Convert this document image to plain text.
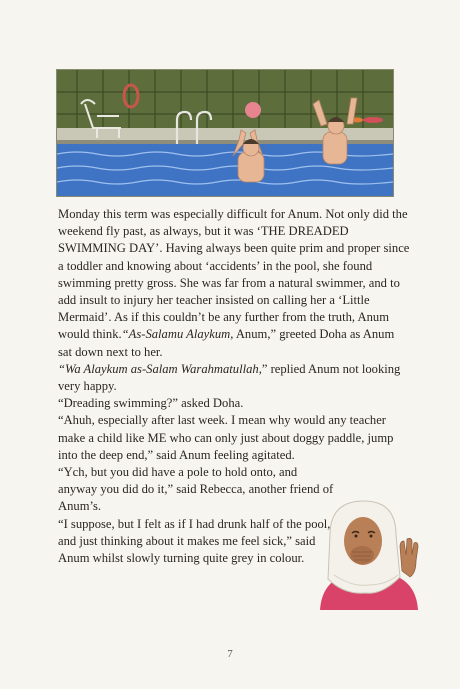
Monday this term was especially difficult for Anum. Not only did the weekend fly past, as always, but it was ‘THE DREADED SWIMMING DAY’. Having always been quite prim and proper since a toddler and knowing about ‘accidents’ in the pool, she found swimming pretty gross. She was far from a natural swimmer, and to add insult to injury her teacher insisted on calling her a ‘Little Mermaid’. As if this couldn’t be any further from the truth, Anum would think.“As-Salamu Alaykum, Anum,” greeted Doha as Anum sat down next to her.

“Wa Alaykum as-Salam Warahmatullah,” replied Anum not looking very happy.

“Dreading swimming?” asked Doha.

“Ahuh, especially after last week. I mean why would any teacher make a child like ME who can only just about doggy paddle, jump into the deep end,” said Anum feeling agitated.

“Ych, but you did have a pole to hold onto, and anyway you did do it,” said Rebecca, another friend of Anum’s.

“I suppose, but I felt as if I had drunk half of the pool, and just thinking about it makes me feel sick,” said Anum whilst slowly turning quite grey in colour.

7
